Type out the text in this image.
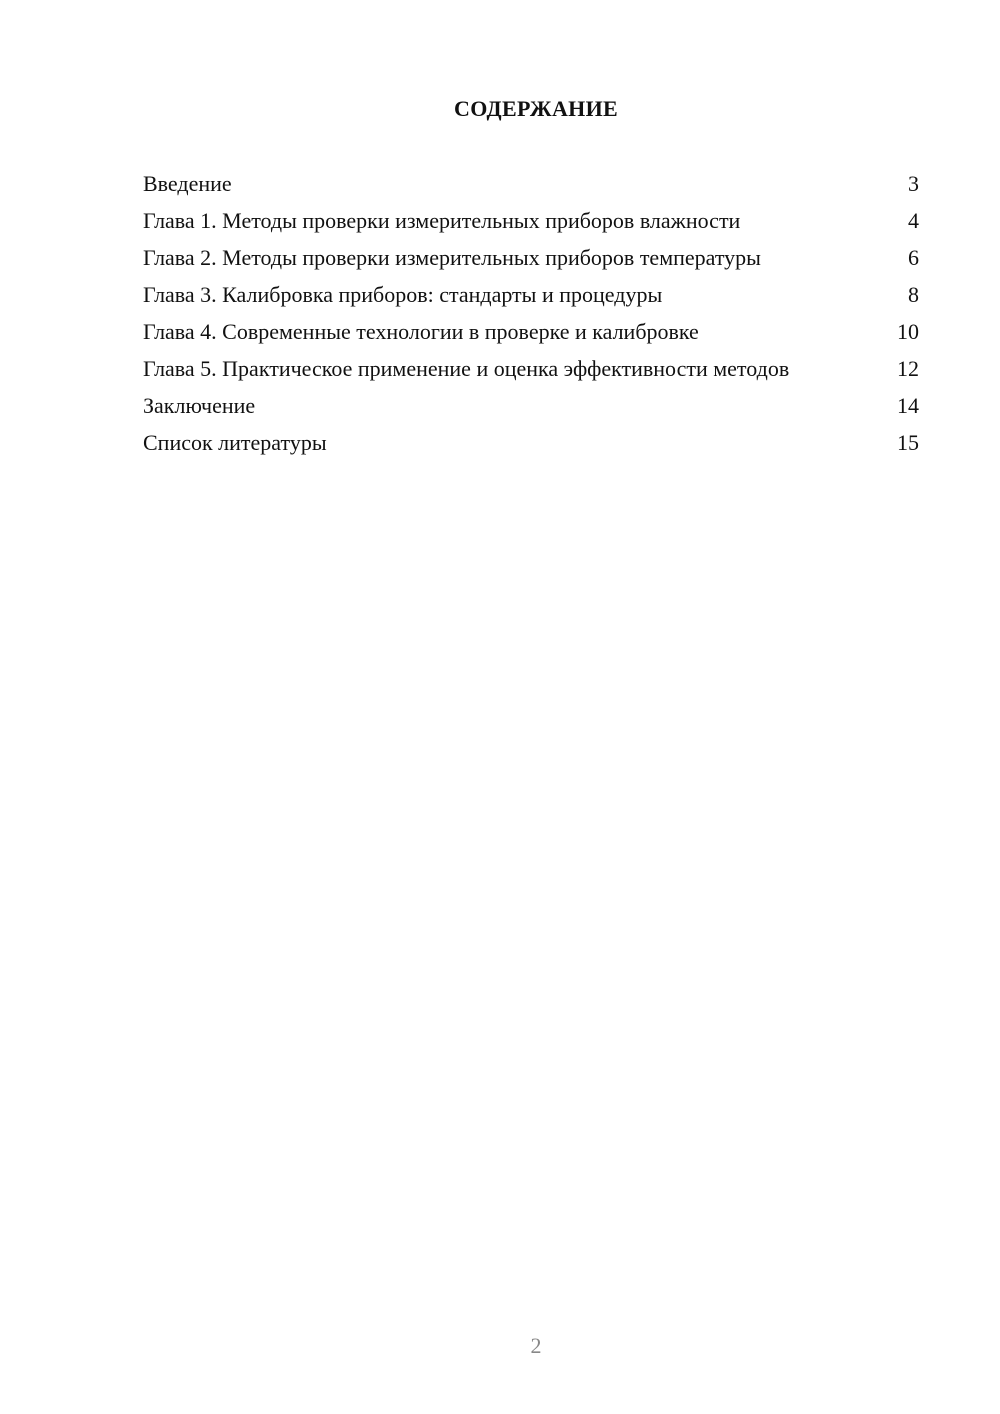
СОДЕРЖАНИЕ
Введение	3
Глава 1. Методы проверки измерительных приборов влажности	4
Глава 2. Методы проверки измерительных приборов температуры	6
Глава 3. Калибровка приборов: стандарты и процедуры	8
Глава 4. Современные технологии в проверке и калибровке	10
Глава 5. Практическое применение и оценка эффективности методов	12
Заключение	14
Список литературы	15
2
